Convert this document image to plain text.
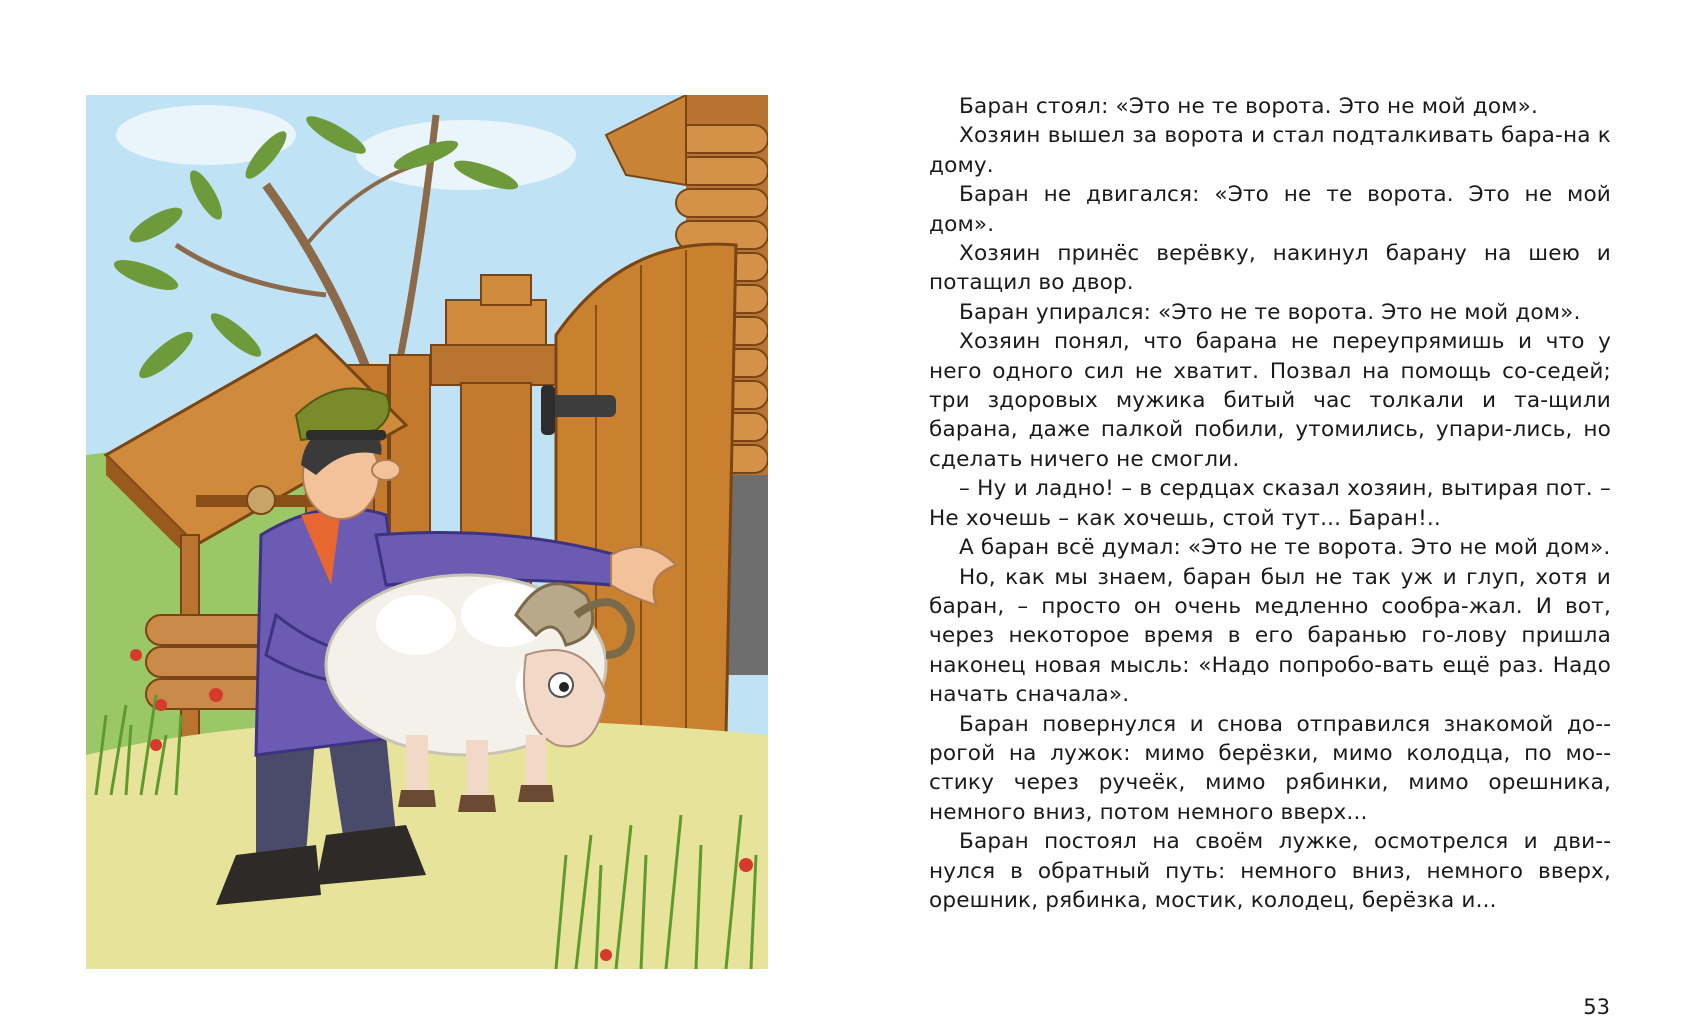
Баран стоял: «Это не те ворота. Это не мой дом».

Хозяин вышел за ворота и стал подталкивать бара-на к дому.

Баран не двигался: «Это не те ворота. Это не мой дом».

Хозяин принёс верёвку, накинул барану на шею и потащил во двор.

Баран упирался: «Это не те ворота. Это не мой дом».

Хозяин понял, что барана не переупрямишь и что у него одного сил не хватит. Позвал на помощь со-седей; три здоровых мужика битый час толкали и та-щили барана, даже палкой побили, утомились, упари-лись, но сделать ничего не смогли.

– Ну и ладно! – в сердцах сказал хозяин, вытирая пот. – Не хочешь – как хочешь, стой тут... Баран!..

А баран всё думал: «Это не те ворота. Это не мой дом».

Но, как мы знаем, баран был не так уж и глуп, хотя и баран, – просто он очень медленно сообра-жал. И вот, через некоторое время в его баранью го-лову пришла наконец новая мысль: «Надо попробо-вать ещё раз. Надо начать сначала».

Баран повернулся и снова отправился знакомой до-рогой на лужок: мимо берёзки, мимо колодца, по мо-стику через ручеёк, мимо рябинки, мимо орешника, немного вниз, потом немного вверх...

Баран постоял на своём лужке, осмотрелся и дви-нулся в обратный путь: немного вниз, немного вверх, орешник, рябинка, мостик, колодец, берёзка и...

53
